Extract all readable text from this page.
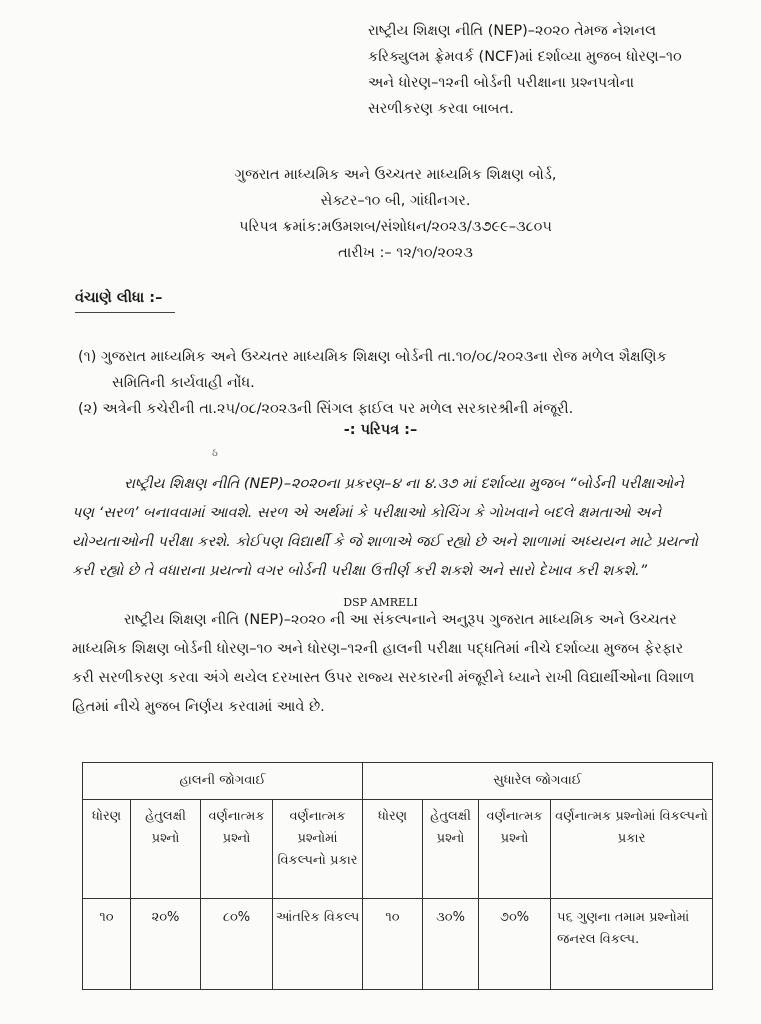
રાષ્ટ્રીય શિક્ષણ નીતિ (NEP)–૨૦૨૦ તેમજ નેશનલ
કરિક્યુલમ ફ્રેમવર્ક (NCF)માં દર્શાવ્યા મુજબ ધોરણ–૧૦
અને ધોરણ–૧૨ની બોર્ડની પરીક્ષાના પ્રશ્નપત્રોના
સરળીકરણ કરવા બાબત.
ગુજરાત માધ્યમિક અને ઉચ્ચતર માધ્યમિક શિક્ષણ બોર્ડ,
સેક્ટર–૧૦ બી, ગાંધીનગર.
પરિપત્ર ક્રમાંક:મઉમશબ/સંશોધન/૨૦૨૩/૩૭૯૯–૩૮૦૫
તારીખ :– ૧૨/૧૦/૨૦૨૩
વંચાણે લીધા :–
(૧) ગુજરાત માધ્યમિક અને ઉચ્ચતર માધ્યમિક શિક્ષણ બોર્ડની તા.૧૦/૦૮/૨૦૨૩ના રોજ મળેલ શૈક્ષણિક
સમિતિની કાર્યવાહી નોંધ.
(૨) અત્રેની કચેરીની તા.૨૫/૦૮/૨૦૨૩ની સિંગલ ફાઈલ પર મળેલ સરકારશ્રીની મંજૂરી.
-: પરિપત્ર :–
ઠ
રાષ્ટ્રીય શિક્ષણ નીતિ (NEP)–૨૦૨૦ના પ્રકરણ–૪ ના ૪.૩૭ માં દર્શાવ્યા મુજબ “બોર્ડની પરીક્ષાઓને
પણ ‘સરળ’ બનાવવામાં આવશે. સરળ એ અર્થમાં કે પરીક્ષાઓ કોચિંગ કે ગોખવાને બદલે ક્ષમતાઓ અને
યોગ્યતાઓની પરીક્ષા કરશે. કોઈપણ વિદ્યાર્થી કે જે શાળાએ જઈ રહ્યો છે અને શાળામાં અધ્યયન માટે પ્રયત્નો
કરી રહ્યો છે તે વધારાના પ્રયત્નો વગર બોર્ડની પરીક્ષા ઉત્તીર્ણ કરી શકશે અને સારો દેખાવ કરી શકશે.”
DSP AMRELI
રાષ્ટ્રીય શિક્ષણ નીતિ (NEP)–૨૦૨૦ ની આ સંકલ્પનાને અનુરૂપ ગુજરાત માધ્યમિક અને ઉચ્ચતર
માધ્યમિક શિક્ષણ બોર્ડની ધોરણ–૧૦ અને ધોરણ–૧૨ની હાલની પરીક્ષા પદ્ધતિમાં નીચે દર્શાવ્યા મુજબ ફેરફાર
કરી સરળીકરણ કરવા અંગે થયેલ દરખાસ્ત ઉપર રાજ્ય સરકારની મંજૂરીને ધ્યાને રાખી વિદ્યાર્થીઓના વિશાળ
હિતમાં નીચે મુજબ નિર્ણય કરવામાં આવે છે.
હાલની જોગવાઈ				સુધારેલ જોગવાઈ			
ધોરણ	હેતુલક્ષી પ્રશ્નો	વર્ણનાત્મક પ્રશ્નો	વર્ણનાત્મક પ્રશ્નોમાં વિકલ્પનો પ્રકાર	ધોરણ	હેતુલક્ષી પ્રશ્નો	વર્ણનાત્મક પ્રશ્નો	વર્ણનાત્મક પ્રશ્નોમાં વિકલ્પનો પ્રકાર
૧૦	૨૦%	૮૦%	આંતરિક વિકલ્પ	૧૦	૩૦%	૭૦%	૫૬ ગુણના તમામ પ્રશ્નોમાં જનરલ વિકલ્પ.
